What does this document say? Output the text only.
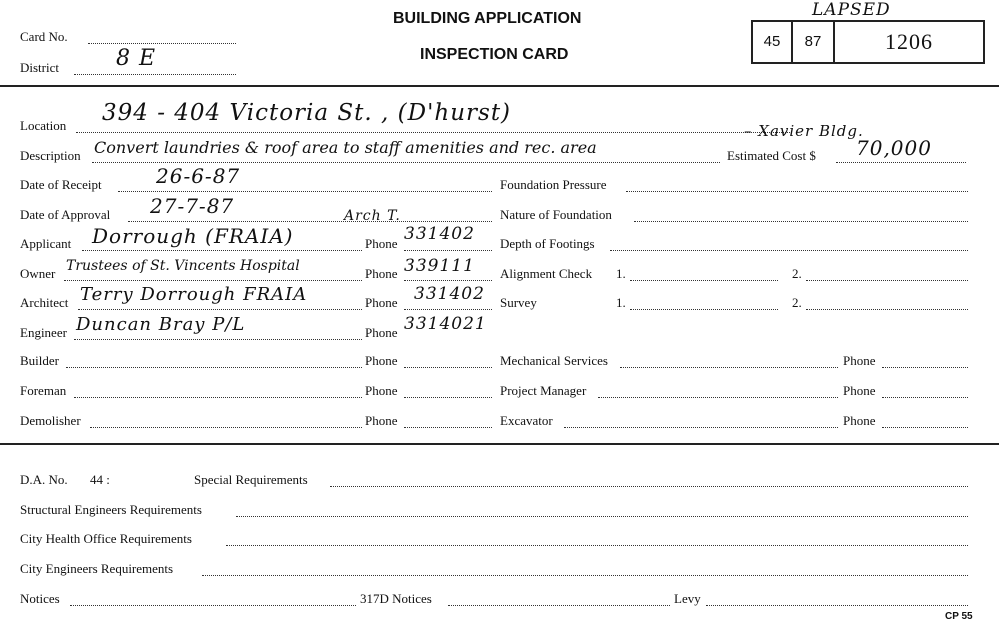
Card No.
District	8 E
BUILDING APPLICATION
INSPECTION CARD
LAPSED
45	87	1206
Location 394 - 404 Victoria St. , (D'hurst)
Description Convert laundries & roof area to staff amenities and rec. area
– Xavier Bldg.
Estimated Cost $ 70,000
Date of Receipt	26-6-87
Date of Approval 27-7-87
Applicant Dorrough (FRAIA)
Arch T.
Phone 331402
Owner Trustees of St. Vincents Hospital	Phone 339111
Architect Terry Dorrough FRAIA	Phone 331402
Engineer Duncan Bray P/L	Phone 3314021
Builder	Phone
Foreman	Phone
Demolisher	Phone
Foundation Pressure
Nature of Foundation
Depth of Footings
Alignment Check 1.	2.
Survey	1.	2.
Mechanical Services	Phone
Project Manager	Phone
Excavator	Phone
D.A. No. 44 :	Special Requirements
Structural Engineers Requirements
City Health Office Requirements
City Engineers Requirements
Notices	317D Notices	Levy
CP 55
